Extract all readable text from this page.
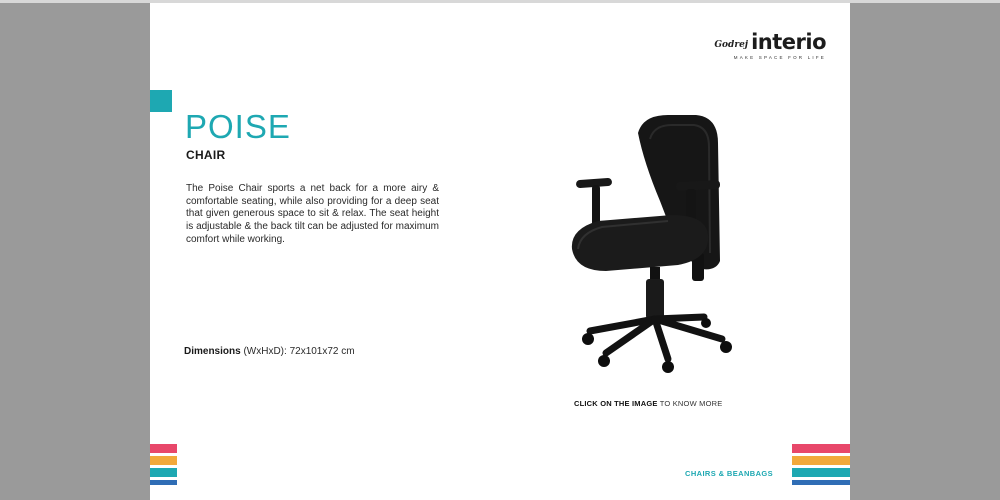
Godrej interio
MAKE SPACE FOR LIFE
POISE
CHAIR

The Poise Chair sports a net back for a more airy & comfortable seating, while also providing for a deep seat that given generous space to sit & relax. The seat height is adjustable & the back tilt can be adjusted for maximum comfort while working.

Dimensions (WxHxD): 72x101x72 cm
CLICK ON THE IMAGE TO KNOW MORE
CHAIRS & BEANBAGS
